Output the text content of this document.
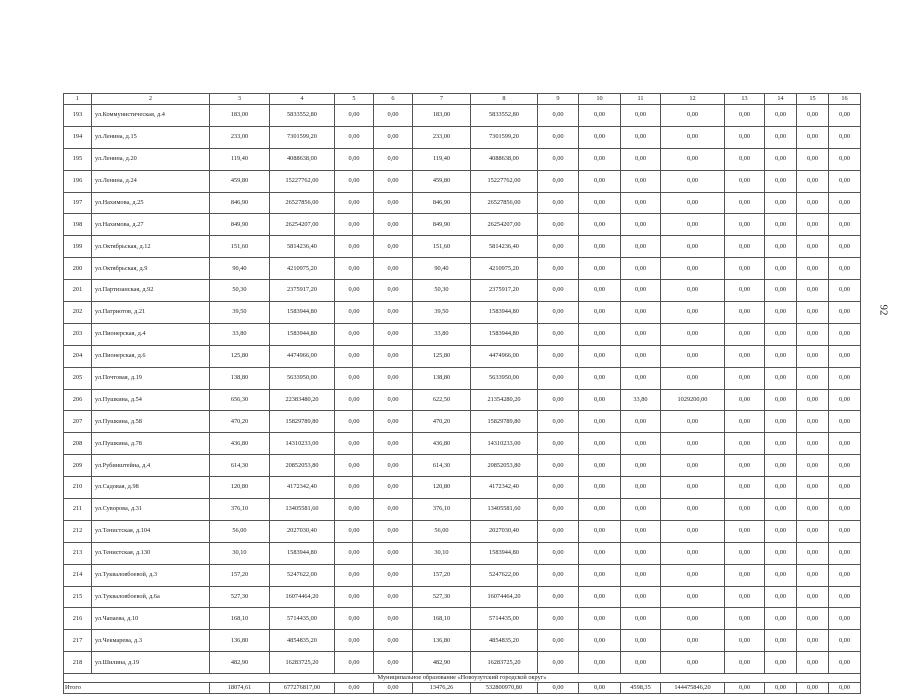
1	2	3	4	5	6	7	8	9	10	11	12	13	14	15	16
193	ул.Коммунистическая, д.4	183,00	5833552,80	0,00	0,00	183,00	5833552,80	0,00	0,00	0,00	0,00	0,00	0,00	0,00	0,00
194	ул.Ленина, д.15	233,00	7301599,20	0,00	0,00	233,00	7301599,20	0,00	0,00	0,00	0,00	0,00	0,00	0,00	0,00
195	ул.Ленина, д.20	119,40	4088638,00	0,00	0,00	119,40	4088638,00	0,00	0,00	0,00	0,00	0,00	0,00	0,00	0,00
196	ул.Ленина, д.24	459,80	15227762,00	0,00	0,00	459,80	15227762,00	0,00	0,00	0,00	0,00	0,00	0,00	0,00	0,00
197	ул.Нахимова, д.25	846,90	26527856,00	0,00	0,00	846,90	26527856,00	0,00	0,00	0,00	0,00	0,00	0,00	0,00	0,00
198	ул.Нахимова, д.27	849,90	26254207,00	0,00	0,00	849,90	26254207,00	0,00	0,00	0,00	0,00	0,00	0,00	0,00	0,00
199	ул.Октябрьская, д.12	151,60	5814236,40	0,00	0,00	151,60	5814236,40	0,00	0,00	0,00	0,00	0,00	0,00	0,00	0,00
200	ул.Октябрьская, д.9	90,40	4210975,20	0,00	0,00	90,40	4210975,20	0,00	0,00	0,00	0,00	0,00	0,00	0,00	0,00
201	ул.Партизанская, д.92	50,30	2375917,20	0,00	0,00	50,30	2375917,20	0,00	0,00	0,00	0,00	0,00	0,00	0,00	0,00
202	ул.Патриотов, д.21	39,50	1583944,80	0,00	0,00	39,50	1583944,80	0,00	0,00	0,00	0,00	0,00	0,00	0,00	0,00
203	ул.Пионерская, д.4	33,80	1583944,80	0,00	0,00	33,80	1583944,80	0,00	0,00	0,00	0,00	0,00	0,00	0,00	0,00
204	ул.Пионерская, д.6	125,80	4474966,00	0,00	0,00	125,80	4474966,00	0,00	0,00	0,00	0,00	0,00	0,00	0,00	0,00
205	ул.Почтовая, д.19	138,80	5633950,00	0,00	0,00	138,80	5633950,00	0,00	0,00	0,00	0,00	0,00	0,00	0,00	0,00
206	ул.Пушкина, д.54	656,30	22383480,20	0,00	0,00	622,50	21354280,20	0,00	0,00	33,80	1029200,00	0,00	0,00	0,00	0,00
207	ул.Пушкина, д.58	470,20	15829789,80	0,00	0,00	470,20	15829789,80	0,00	0,00	0,00	0,00	0,00	0,00	0,00	0,00
208	ул.Пушкина, д.78	436,80	14310233,00	0,00	0,00	436,80	14310233,00	0,00	0,00	0,00	0,00	0,00	0,00	0,00	0,00
209	ул.Рубинштейна, д.4	614,30	20852053,80	0,00	0,00	614,30	20852053,80	0,00	0,00	0,00	0,00	0,00	0,00	0,00	0,00
210	ул.Садовая, д.98	120,80	4172342,40	0,00	0,00	120,80	4172342,40	0,00	0,00	0,00	0,00	0,00	0,00	0,00	0,00
211	ул.Суворова, д.31	376,10	13405581,60	0,00	0,00	376,10	13405581,60	0,00	0,00	0,00	0,00	0,00	0,00	0,00	0,00
212	ул.Тенистская, д.104	56,00	2027030,40	0,00	0,00	56,00	2027030,40	0,00	0,00	0,00	0,00	0,00	0,00	0,00	0,00
213	ул.Тенистская, д.130	30,10	1583944,80	0,00	0,00	30,10	1583944,80	0,00	0,00	0,00	0,00	0,00	0,00	0,00	0,00
214	ул.Тукваловбоевой, д.3	157,20	5247622,00	0,00	0,00	157,20	5247622,00	0,00	0,00	0,00	0,00	0,00	0,00	0,00	0,00
215	ул.Тукваловбоевой, д.6а	527,30	16074464,20	0,00	0,00	527,30	16074464,20	0,00	0,00	0,00	0,00	0,00	0,00	0,00	0,00
216	ул.Чапаева, д.10	168,10	5714435,00	0,00	0,00	168,10	5714435,00	0,00	0,00	0,00	0,00	0,00	0,00	0,00	0,00
217	ул.Чекмарева, д.3	136,80	4854835,20	0,00	0,00	136,80	4854835,20	0,00	0,00	0,00	0,00	0,00	0,00	0,00	0,00
218	ул.Шилина, д.19	482,90	16283725,20	0,00	0,00	482,90	16283725,20	0,00	0,00	0,00	0,00	0,00	0,00	0,00	0,00
Муниципальное образование «Новоузутский городской округ»															
Итого		18074,61	677276817,00	0,00	0,00	13476,26	532800970,80	0,00	0,00	4598,35	144475846,20	0,00	0,00	0,00	0,00
92
